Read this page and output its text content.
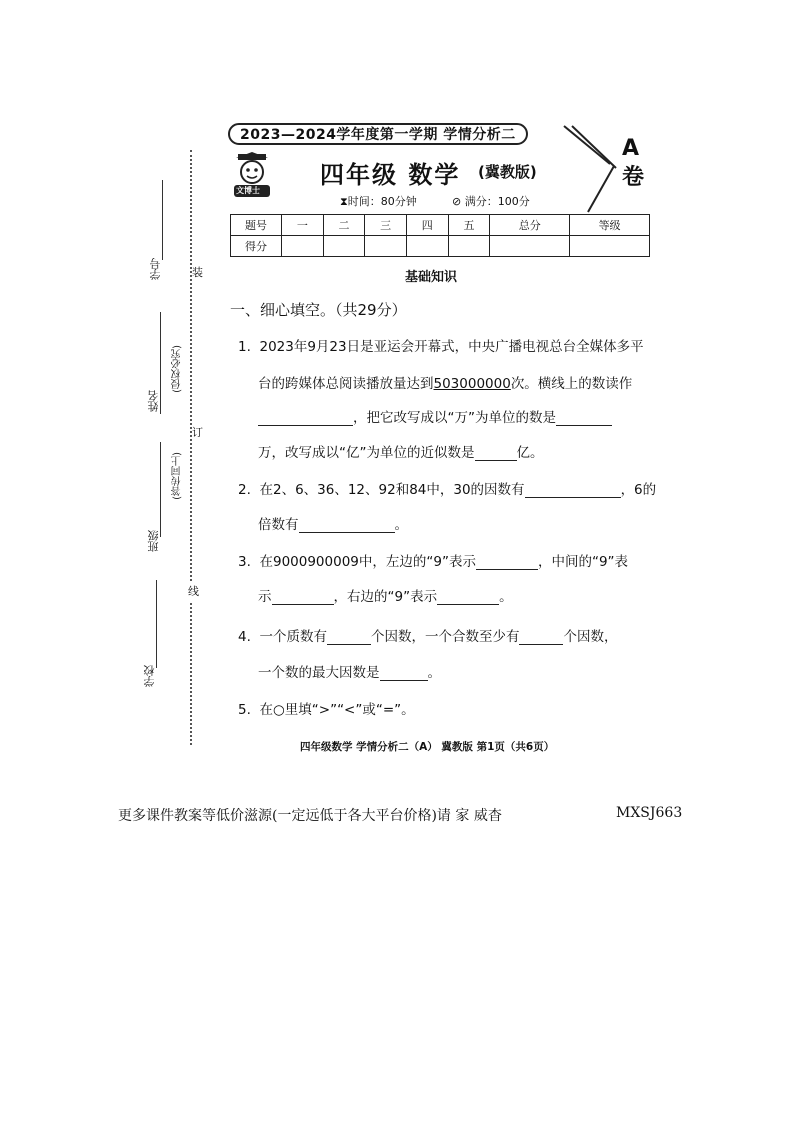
学号
姓名
(侵权必究)
班级
(答传同上)
学校
装
订
线
2023—2024学年度第一学期 学情分析二
A
卷
文博士
四年级 数学 (冀教版)
⧗时间：80分钟	⊘ 满分：100分
题号	一	二	三	四	五	总分	等级
得分							
基础知识
一、细心填空。（共29分）
1. 2023年9月23日是亚运会开幕式，中央广播电视总台全媒体多平
台的跨媒体总阅读播放量达到503000000次。横线上的数读作
，把它改写成以“万”为单位的数是
万，改写成以“亿”为单位的近似数是	亿。
2. 在2、6、36、12、92和84中，30的因数有	，6的
倍数有	。
3. 在9000900009中，左边的“9”表示	，中间的“9”表
示	，右边的“9”表示	。
4. 一个质数有	个因数，一个合数至少有	个因数，
一个数的最大因数是	。
5. 在○里填“>”“<”或“=”。
四年级数学 学情分析二（A） 冀教版 第1页（共6页）
更多课件教案等低价滋源(一定远低于各大平台价格)请 家 威杳	MXSJ663
